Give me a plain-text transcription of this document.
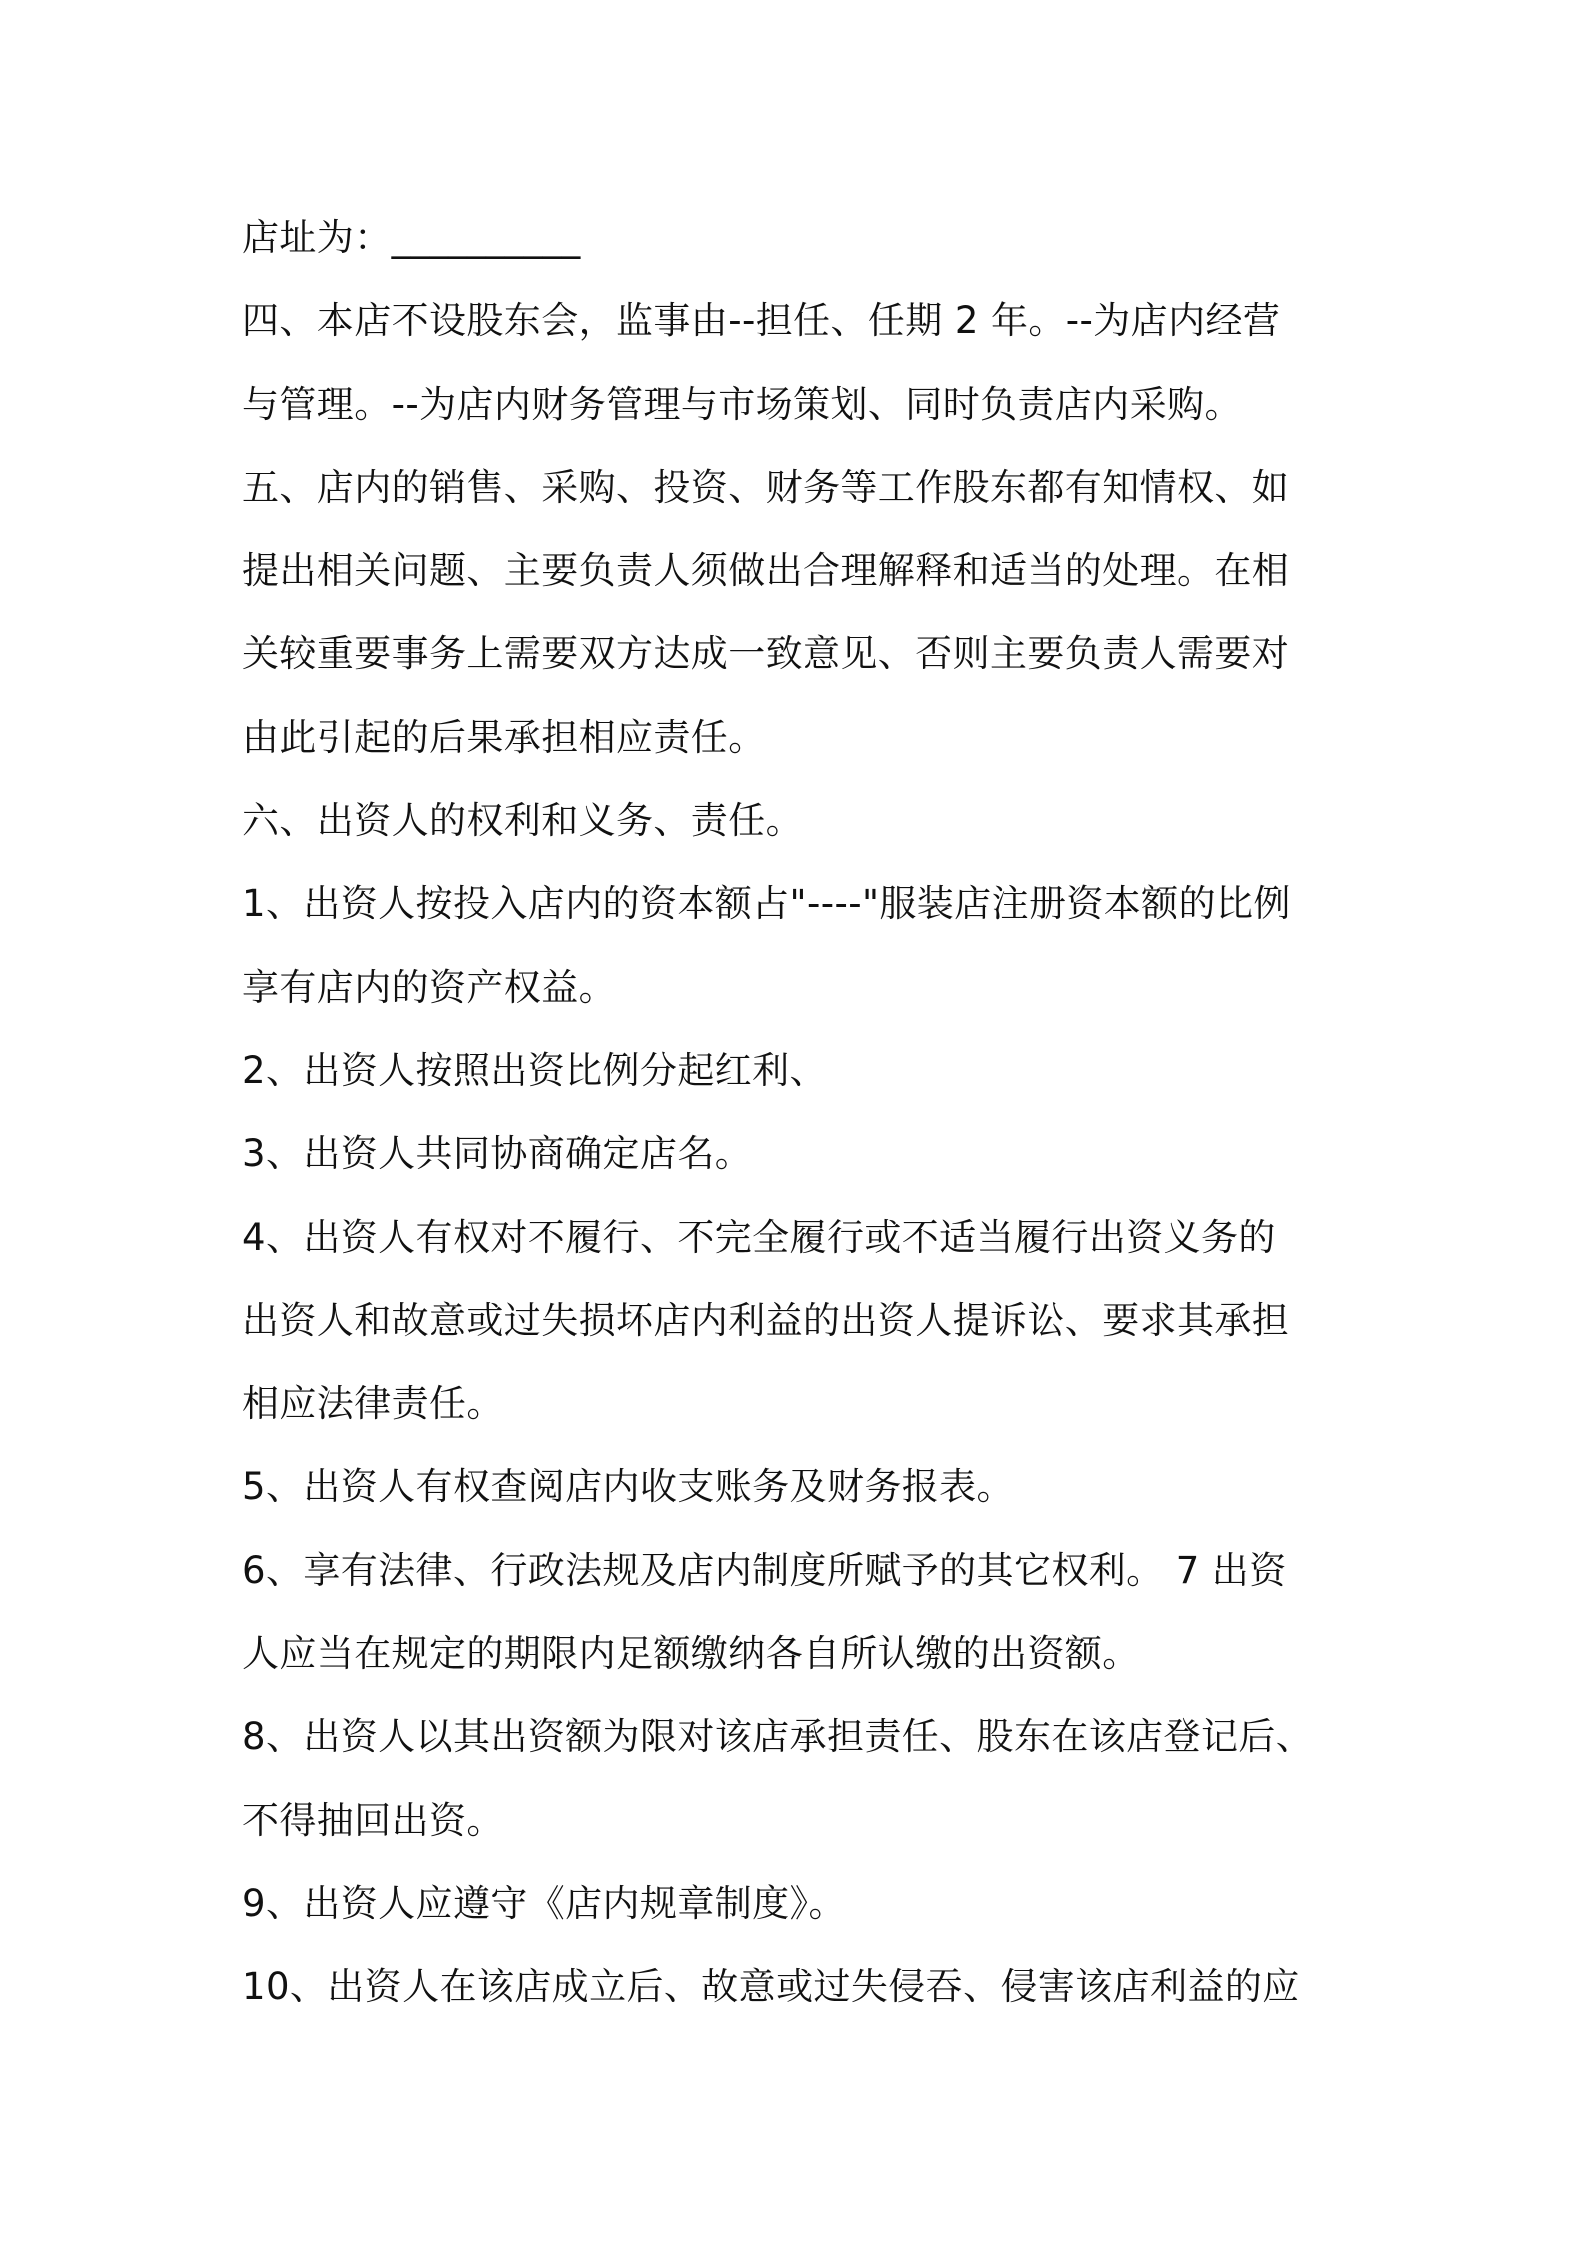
店址为：__________
四、本店不设股东会，监事由--担任、任期 2 年。--为店内经营
与管理。--为店内财务管理与市场策划、同时负责店内采购。
五、店内的销售、采购、投资、财务等工作股东都有知情权、如
提出相关问题、主要负责人须做出合理解释和适当的处理。在相
关较重要事务上需要双方达成一致意见、否则主要负责人需要对
由此引起的后果承担相应责任。
六、出资人的权利和义务、责任。
1、出资人按投入店内的资本额占"----"服装店注册资本额的比例
享有店内的资产权益。
2、出资人按照出资比例分起红利、
3、出资人共同协商确定店名。
4、出资人有权对不履行、不完全履行或不适当履行出资义务的
出资人和故意或过失损坏店内利益的出资人提诉讼、要求其承担
相应法律责任。
5、出资人有权查阅店内收支账务及财务报表。
6、享有法律、行政法规及店内制度所赋予的其它权利。 7 出资
人应当在规定的期限内足额缴纳各自所认缴的出资额。
8、出资人以其出资额为限对该店承担责任、股东在该店登记后、
不得抽回出资。
9、出资人应遵守《店内规章制度》。
10、出资人在该店成立后、故意或过失侵吞、侵害该店利益的应
